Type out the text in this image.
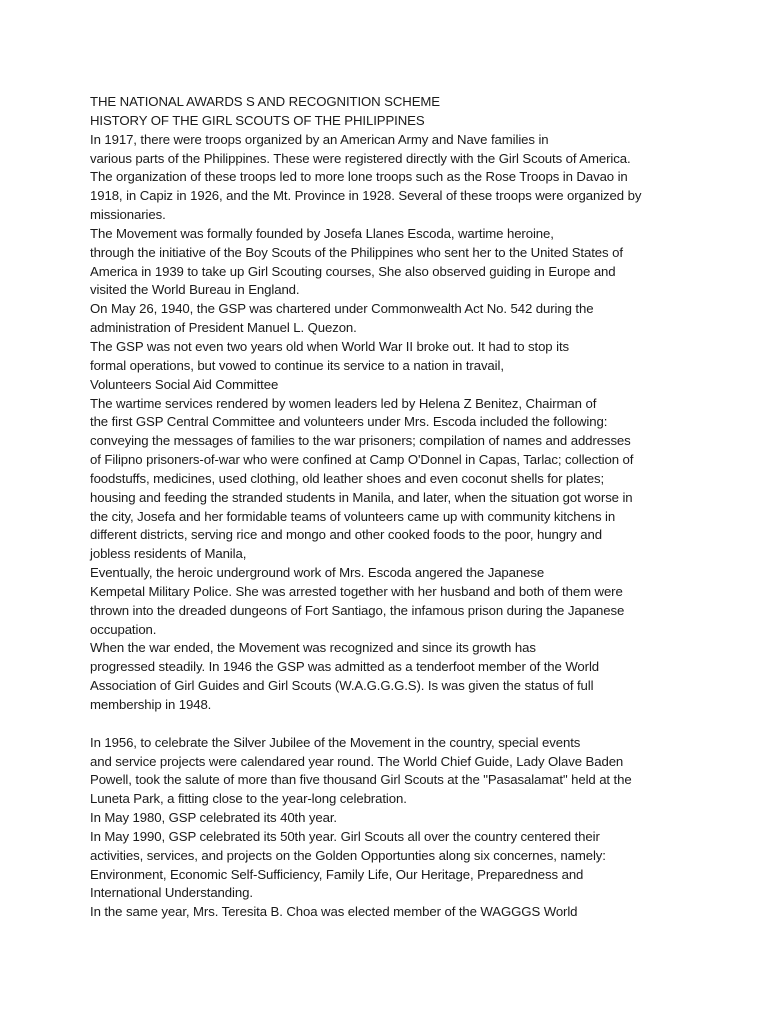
THE NATIONAL AWARDS S AND RECOGNITION SCHEME
HISTORY OF THE GIRL SCOUTS OF THE PHILIPPINES
In 1917, there were troops organized by an American Army and Nave families in
various parts of the Philippines. These were registered directly with the Girl Scouts of America.
The organization of these troops led to more lone troops such as the Rose Troops in Davao in
1918, in Capiz in 1926, and the Mt. Province in 1928. Several of these troops were organized by
missionaries.
The Movement was formally founded by Josefa Llanes Escoda, wartime heroine,
through the initiative of the Boy Scouts of the Philippines who sent her to the United States of
America in 1939 to take up Girl Scouting courses, She also observed guiding in Europe and
visited the World Bureau in England.
On May 26, 1940, the GSP was chartered under Commonwealth Act No. 542 during the
administration of President Manuel L. Quezon.
The GSP was not even two years old when World War II broke out. It had to stop its
formal operations, but vowed to continue its service to a nation in travail,
Volunteers Social Aid Committee
The wartime services rendered by women leaders led by Helena Z Benitez, Chairman of
the first GSP Central Committee and volunteers under Mrs. Escoda included the following:
conveying the messages of families to the war prisoners; compilation of names and addresses
of Filipno prisoners-of-war who were confined at Camp O'Donnel in Capas, Tarlac; collection of
foodstuffs, medicines, used clothing, old leather shoes and even coconut shells for plates;
housing and feeding the stranded students in Manila, and later, when the situation got worse in
the city, Josefa and her formidable teams of volunteers came up with community kitchens in
different districts, serving rice and mongo and other cooked foods to the poor, hungry and
jobless residents of Manila,
Eventually, the heroic underground work of Mrs. Escoda angered the Japanese
Kempetal Military Police. She was arrested together with her husband and both of them were
thrown into the dreaded dungeons of Fort Santiago, the infamous prison during the Japanese
occupation.
When the war ended, the Movement was recognized and since its growth has
progressed steadily. In 1946 the GSP was admitted as a tenderfoot member of the World
Association of Girl Guides and Girl Scouts (W.A.G.G.G.S). Is was given the status of full
membership in 1948.
In 1956, to celebrate the Silver Jubilee of the Movement in the country, special events
and service projects were calendared year round. The World Chief Guide, Lady Olave Baden
Powell, took the salute of more than five thousand Girl Scouts at the "Pasasalamat" held at the
Luneta Park, a fitting close to the year-long celebration.
In May 1980, GSP celebrated its 40th year.
In May 1990, GSP celebrated its 50th year. Girl Scouts all over the country centered their
activities, services, and projects on the Golden Opportunties along six concernes, namely:
Environment, Economic Self-Sufficiency, Family Life, Our Heritage, Preparedness and
International Understanding.
In the same year, Mrs. Teresita B. Choa was elected member of the WAGGGS World
